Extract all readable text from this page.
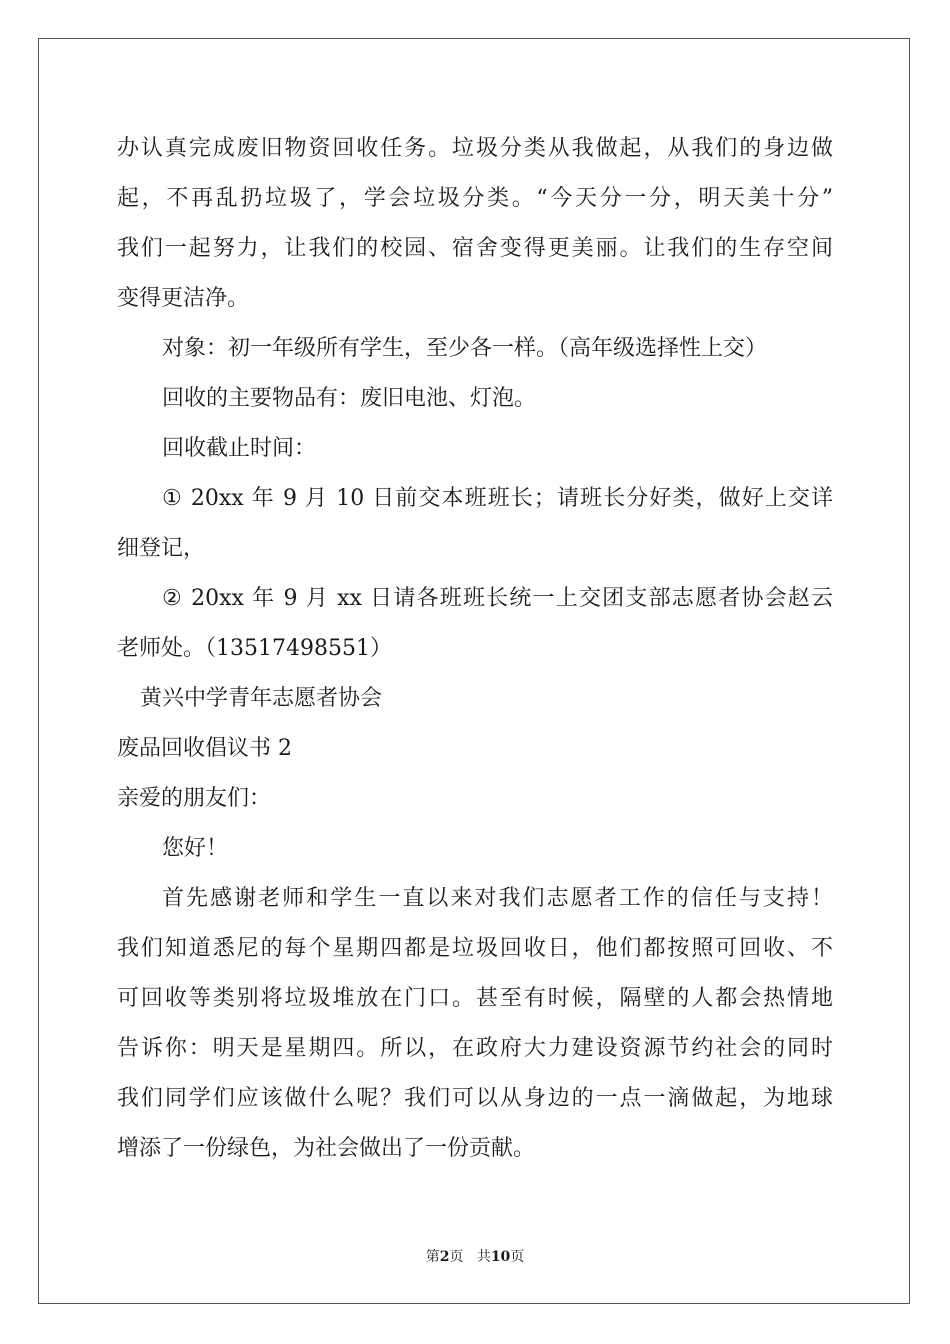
办认真完成废旧物资回收任务。垃圾分类从我做起，从我们的身边做
起，不再乱扔垃圾了，学会垃圾分类。“今天分一分，明天美十分”
我们一起努力，让我们的校园、宿舍变得更美丽。让我们的生存空间
变得更洁净。
对象：初一年级所有学生，至少各一样。（高年级选择性上交）
回收的主要物品有：废旧电池、灯泡。
回收截止时间：
① 20xx 年 9 月 10 日前交本班班长；请班长分好类，做好上交详
细登记，
② 20xx 年 9 月 xx 日请各班班长统一上交团支部志愿者协会赵云
老师处。（13517498551）
黄兴中学青年志愿者协会
废品回收倡议书 2
亲爱的朋友们：
您好！
首先感谢老师和学生一直以来对我们志愿者工作的信任与支持！
我们知道悉尼的每个星期四都是垃圾回收日，他们都按照可回收、不
可回收等类别将垃圾堆放在门口。甚至有时候，隔壁的人都会热情地
告诉你：明天是星期四。所以，在政府大力建设资源节约社会的同时
我们同学们应该做什么呢？我们可以从身边的一点一滴做起，为地球
增添了一份绿色，为社会做出了一份贡献。
第2页 共10页
